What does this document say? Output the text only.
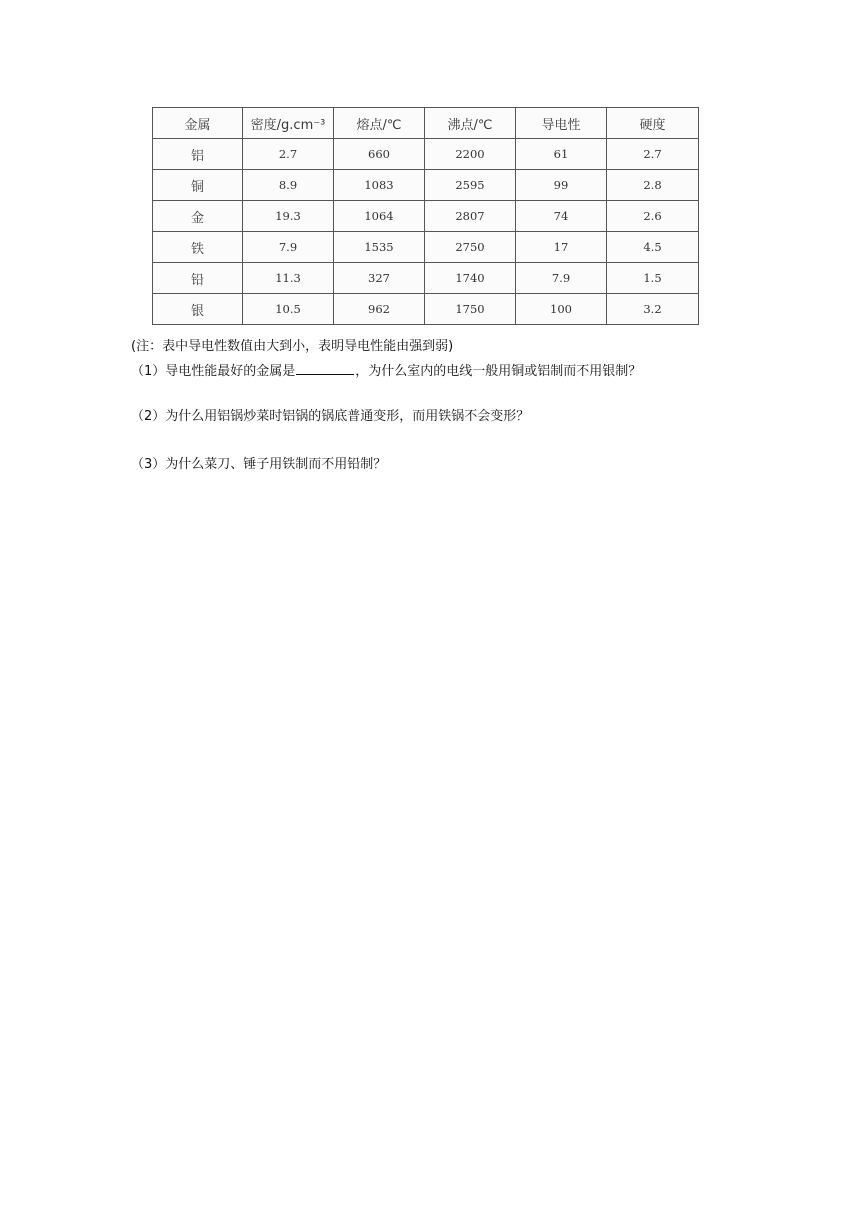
金属	密度/g.cm⁻³	熔点/℃	沸点/℃	导电性	硬度
铝	2.7	660	2200	61	2.7
铜	8.9	1083	2595	99	2.8
金	19.3	1064	2807	74	2.6
铁	7.9	1535	2750	17	4.5
铅	11.3	327	1740	7.9	1.5
银	10.5	962	1750	100	3.2
(注：表中导电性数值由大到小，表明导电性能由强到弱)
（1）导电性能最好的金属是	，为什么室内的电线一般用铜或铝制而不用银制？
（2）为什么用铝锅炒菜时铝锅的锅底普通变形，而用铁锅不会变形？
（3）为什么菜刀、锤子用铁制而不用铅制？
